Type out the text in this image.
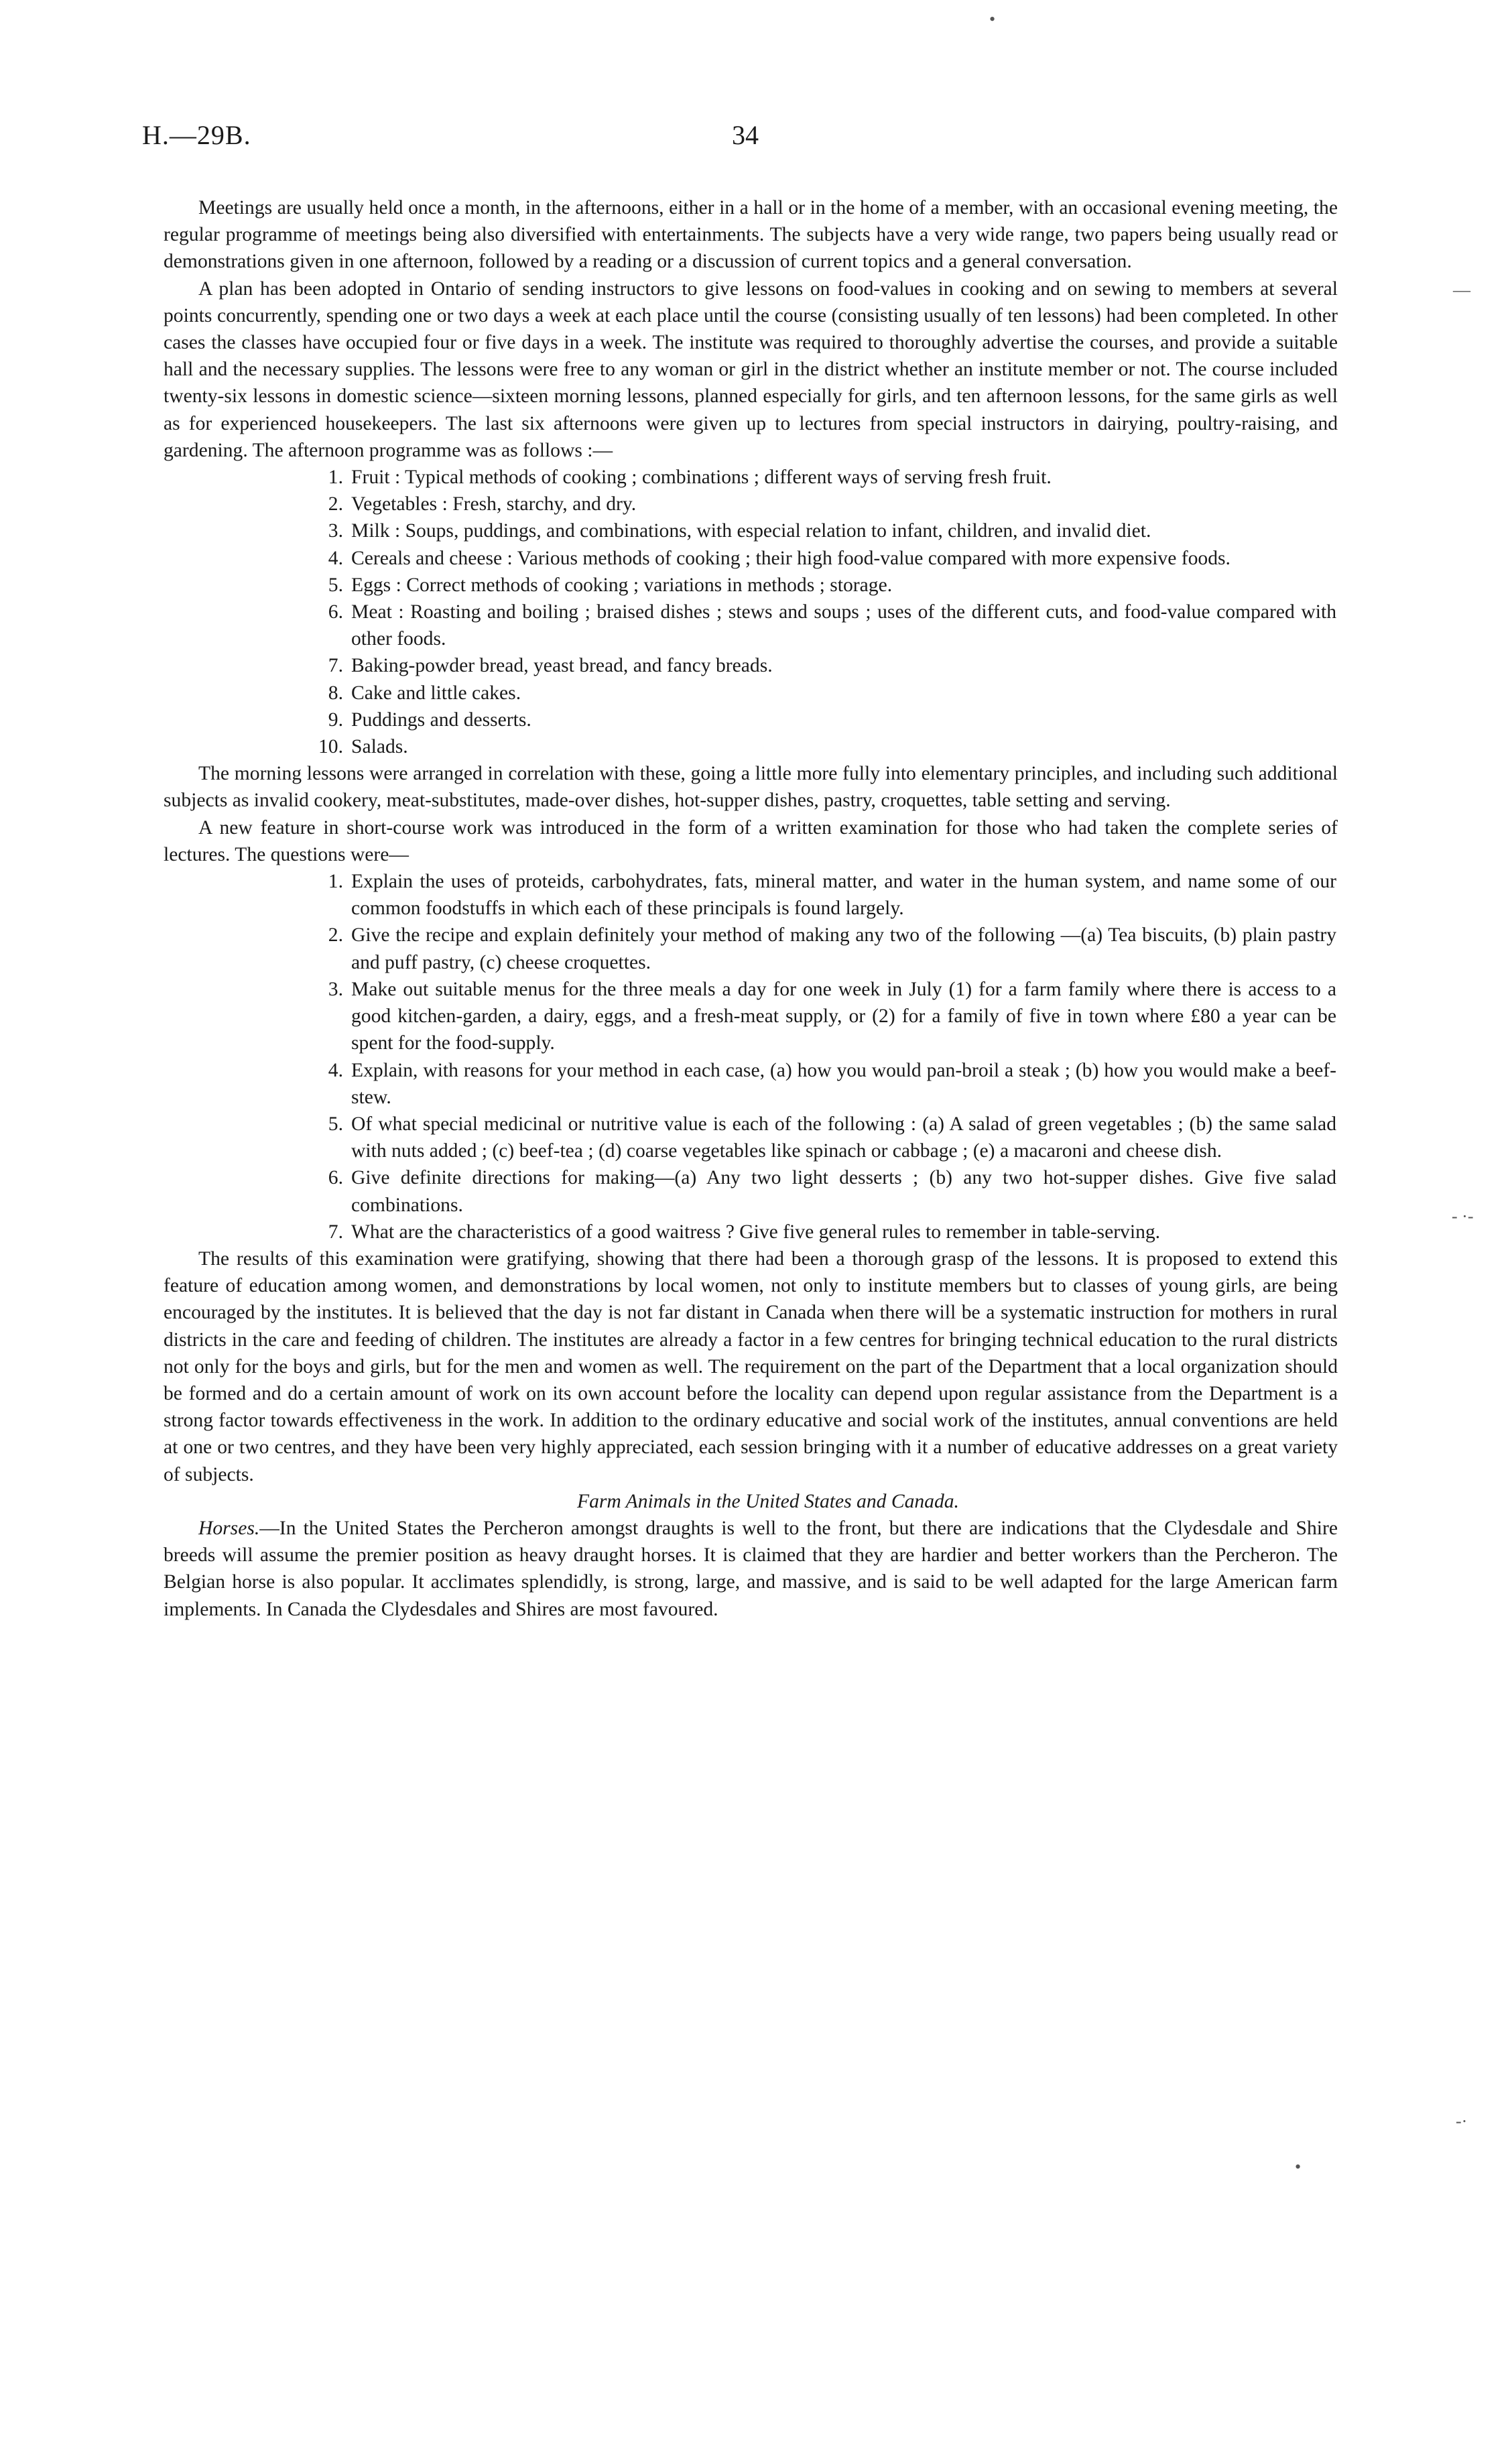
H.—29B.	34
•

Meetings are usually held once a month, in the afternoons, either in a hall or in the home of a member, with an occasional evening meeting, the regular programme of meetings being also diversified with entertainments. The subjects have a very wide range, two papers being usually read or demonstrations given in one afternoon, followed by a reading or a discussion of current topics and a general conversation.

A plan has been adopted in Ontario of sending instructors to give lessons on food-values in cooking and on sewing to members at several points concurrently, spending one or two days a week at each place until the course (consisting usually of ten lessons) had been completed. In other cases the classes have occupied four or five days in a week. The institute was required to thoroughly advertise the courses, and provide a suitable hall and the necessary supplies. The lessons were free to any woman or girl in the district whether an institute member or not. The course included twenty-six lessons in domestic science—sixteen morning lessons, planned especially for girls, and ten afternoon lessons, for the same girls as well as for experienced housekeepers. The last six afternoons were given up to lectures from special instructors in dairying, poultry-raising, and gardening. The afternoon programme was as follows :—

1. Fruit : Typical methods of cooking ; combinations ; different ways of serving fresh fruit.
2. Vegetables : Fresh, starchy, and dry.
3. Milk : Soups, puddings, and combinations, with especial relation to infant, children, and invalid diet.
4. Cereals and cheese : Various methods of cooking ; their high food-value compared with more expensive foods.
5. Eggs : Correct methods of cooking ; variations in methods ; storage.
6. Meat : Roasting and boiling ; braised dishes ; stews and soups ; uses of the different cuts, and food-value compared with other foods.
7. Baking-powder bread, yeast bread, and fancy breads.
8. Cake and little cakes.
9. Puddings and desserts.
10. Salads.

The morning lessons were arranged in correlation with these, going a little more fully into elementary principles, and including such additional subjects as invalid cookery, meat-substitutes, made-over dishes, hot-supper dishes, pastry, croquettes, table setting and serving.

A new feature in short-course work was introduced in the form of a written examination for those who had taken the complete series of lectures. The questions were—

1. Explain the uses of proteids, carbohydrates, fats, mineral matter, and water in the human system, and name some of our common foodstuffs in which each of these principals is found largely.
2. Give the recipe and explain definitely your method of making any two of the following —(a) Tea biscuits, (b) plain pastry and puff pastry, (c) cheese croquettes.
3. Make out suitable menus for the three meals a day for one week in July (1) for a farm family where there is access to a good kitchen-garden, a dairy, eggs, and a fresh-meat supply, or (2) for a family of five in town where £80 a year can be spent for the food-supply.
4. Explain, with reasons for your method in each case, (a) how you would pan-broil a steak ; (b) how you would make a beef-stew.
5. Of what special medicinal or nutritive value is each of the following : (a) A salad of green vegetables ; (b) the same salad with nuts added ; (c) beef-tea ; (d) coarse vegetables like spinach or cabbage ; (e) a macaroni and cheese dish.
6. Give definite directions for making—(a) Any two light desserts ; (b) any two hot-supper dishes. Give five salad combinations.
7. What are the characteristics of a good waitress ? Give five general rules to remember in table-serving.

The results of this examination were gratifying, showing that there had been a thorough grasp of the lessons. It is proposed to extend this feature of education among women, and demonstrations by local women, not only to institute members but to classes of young girls, are being encouraged by the institutes. It is believed that the day is not far distant in Canada when there will be a systematic instruction for mothers in rural districts in the care and feeding of children. The institutes are already a factor in a few centres for bringing technical education to the rural districts not only for the boys and girls, but for the men and women as well. The requirement on the part of the Department that a local organization should be formed and do a certain amount of work on its own account before the locality can depend upon regular assistance from the Department is a strong factor towards effectiveness in the work. In addition to the ordinary educative and social work of the institutes, annual conventions are held at one or two centres, and they have been very highly appreciated, each session bringing with it a number of educative addresses on a great variety of subjects.

Farm Animals in the United States and Canada.

Horses.—In the United States the Percheron amongst draughts is well to the front, but there are indications that the Clydesdale and Shire breeds will assume the premier position as heavy draught horses. It is claimed that they are hardier and better workers than the Percheron. The Belgian horse is also popular. It acclimates splendidly, is strong, large, and massive, and is said to be well adapted for the large American farm implements. In Canada the Clydesdales and Shires are most favoured.

—
- ·-
-·
•
